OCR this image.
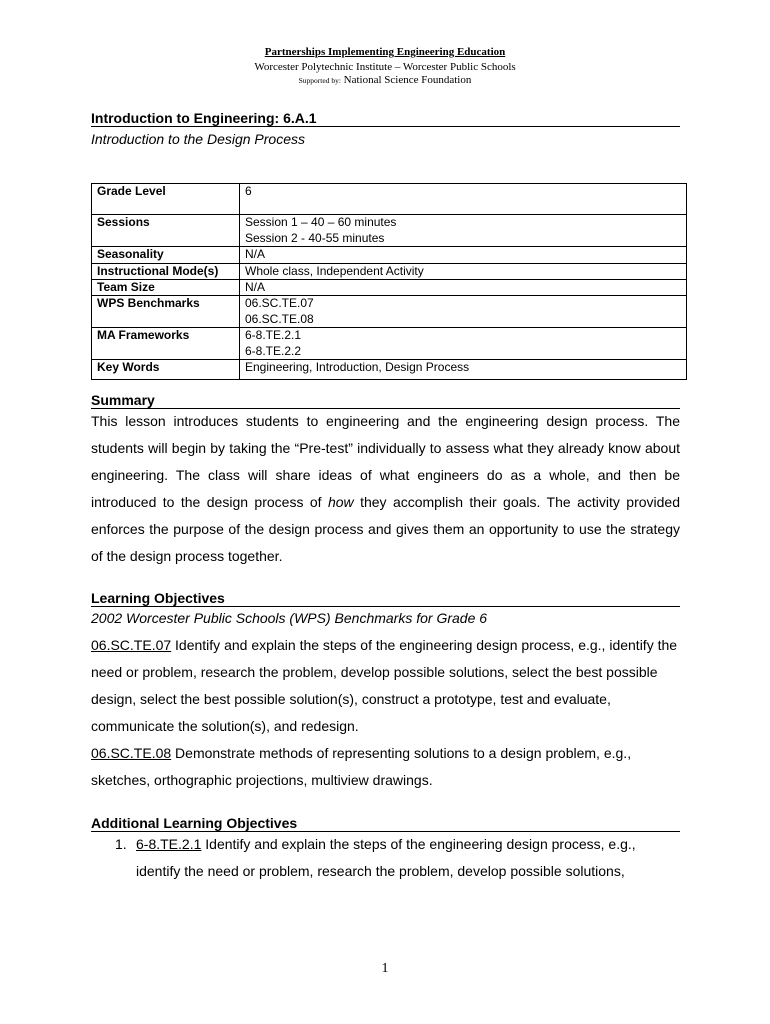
Partnerships Implementing Engineering Education
Worcester Polytechnic Institute – Worcester Public Schools
Supported by: National Science Foundation
Introduction to Engineering: 6.A.1
Introduction to the Design Process
Grade Level	6
Sessions	Session 1 – 40 – 60 minutes
Session 2 - 40-55 minutes

Seasonality	N/A
Instructional Mode(s)	Whole class, Independent Activity
Team Size	N/A
WPS Benchmarks	06.SC.TE.07
06.SC.TE.08

MA Frameworks	6-8.TE.2.1
6-8.TE.2.2

Key Words	Engineering, Introduction, Design Process
Summary
This lesson introduces students to engineering and the engineering design process. The students will begin by taking the “Pre-test” individually to assess what they already know about engineering. The class will share ideas of what engineers do as a whole, and then be introduced to the design process of how they accomplish their goals. The activity provided enforces the purpose of the design process and gives them an opportunity to use the strategy of the design process together.
Learning Objectives
2002 Worcester Public Schools (WPS) Benchmarks for Grade 6
06.SC.TE.07 Identify and explain the steps of the engineering design process, e.g., identify the need or problem, research the problem, develop possible solutions, select the best possible design, select the best possible solution(s), construct a prototype, test and evaluate, communicate the solution(s), and redesign.
06.SC.TE.08 Demonstrate methods of representing solutions to a design problem, e.g., sketches, orthographic projections, multiview drawings.
Additional Learning Objectives
1. 6-8.TE.2.1 Identify and explain the steps of the engineering design process, e.g., identify the need or problem, research the problem, develop possible solutions,
1
